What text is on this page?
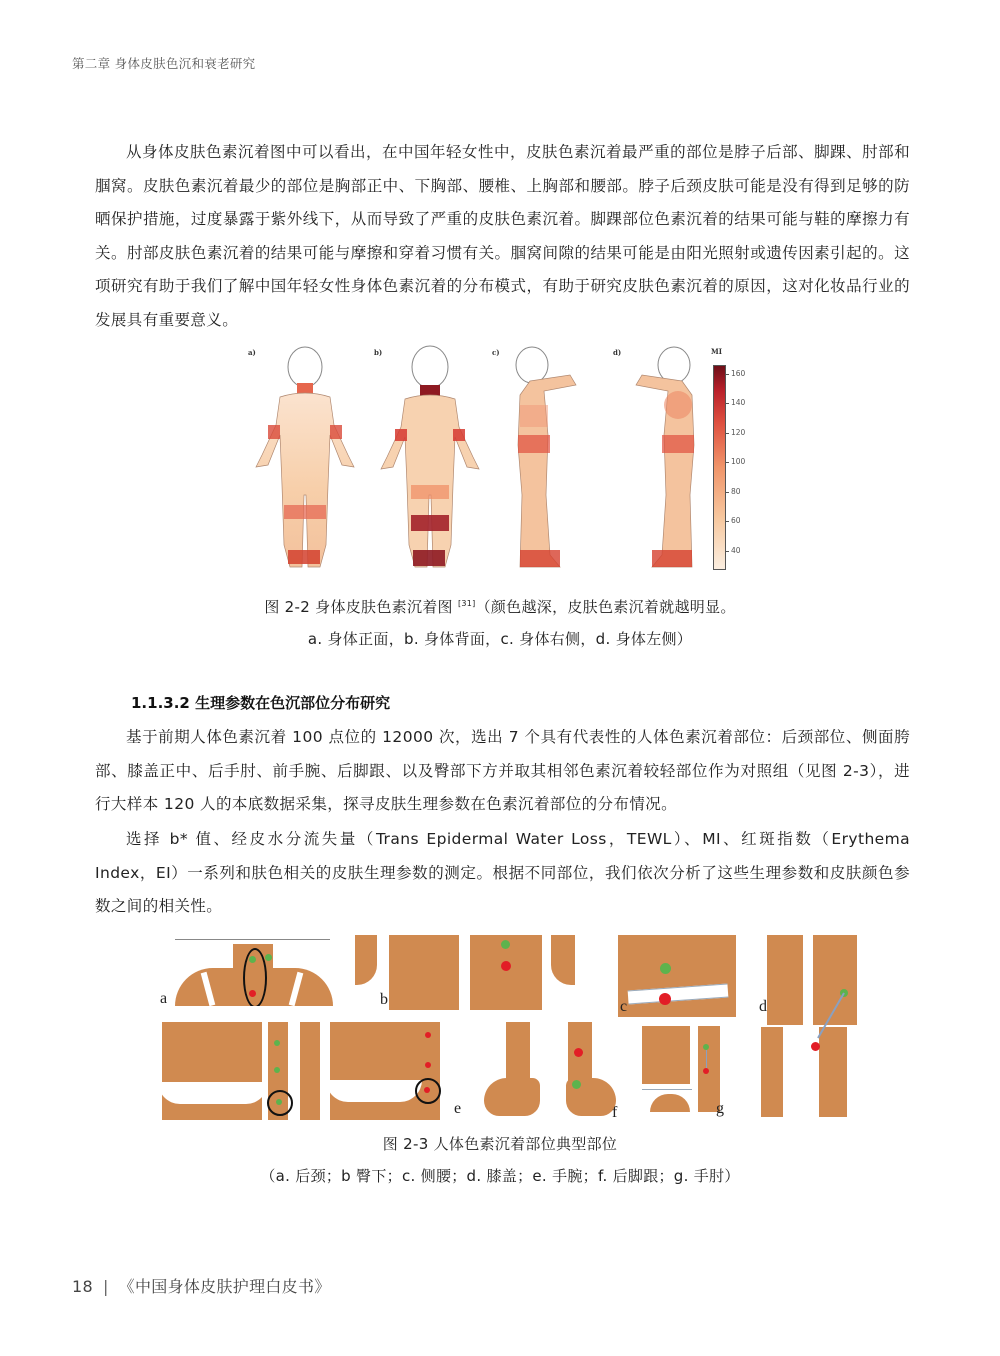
第二章 身体皮肤色沉和衰老研究

从身体皮肤色素沉着图中可以看出，在中国年轻女性中，皮肤色素沉着最严重的部位是脖子后部、脚踝、肘部和腘窝。皮肤色素沉着最少的部位是胸部正中、下胸部、腰椎、上胸部和腰部。脖子后颈皮肤可能是没有得到足够的防晒保护措施，过度暴露于紫外线下，从而导致了严重的皮肤色素沉着。脚踝部位色素沉着的结果可能与鞋的摩擦力有关。肘部皮肤色素沉着的结果可能与摩擦和穿着习惯有关。腘窝间隙的结果可能是由阳光照射或遗传因素引起的。这项研究有助于我们了解中国年轻女性身体色素沉着的分布模式，有助于研究皮肤色素沉着的原因，这对化妆品行业的发展具有重要意义。

a)	b)	c)	d)	MI
160
140
120
100
80
60
40
图 2-2 身体皮肤色素沉着图 [31]（颜色越深，皮肤色素沉着就越明显。
a. 身体正面，b. 身体背面，c. 身体右侧，d. 身体左侧）
1.1.3.2 生理参数在色沉部位分布研究

基于前期人体色素沉着 100 点位的 12000 次，选出 7 个具有代表性的人体色素沉着部位：后颈部位、侧面胯部、膝盖正中、后手肘、前手腕、后脚跟、以及臀部下方并取其相邻色素沉着较轻部位作为对照组（见图 2-3），进行大样本 120 人的本底数据采集，探寻皮肤生理参数在色素沉着部位的分布情况。

选择 b* 值、经皮水分流失量（Trans Epidermal Water Loss，TEWL）、MI、红斑指数（Erythema Index，EI）一系列和肤色相关的皮肤生理参数的测定。根据不同部位，我们依次分析了这些生理参数和皮肤颜色参数之间的相关性。

a	b	c	d
e	f	g
图 2-3 人体色素沉着部位典型部位
（a. 后颈；b 臀下；c. 侧腰；d. 膝盖；e. 手腕；f. 后脚跟；g. 手肘）
18 | 《中国身体皮肤护理白皮书》
